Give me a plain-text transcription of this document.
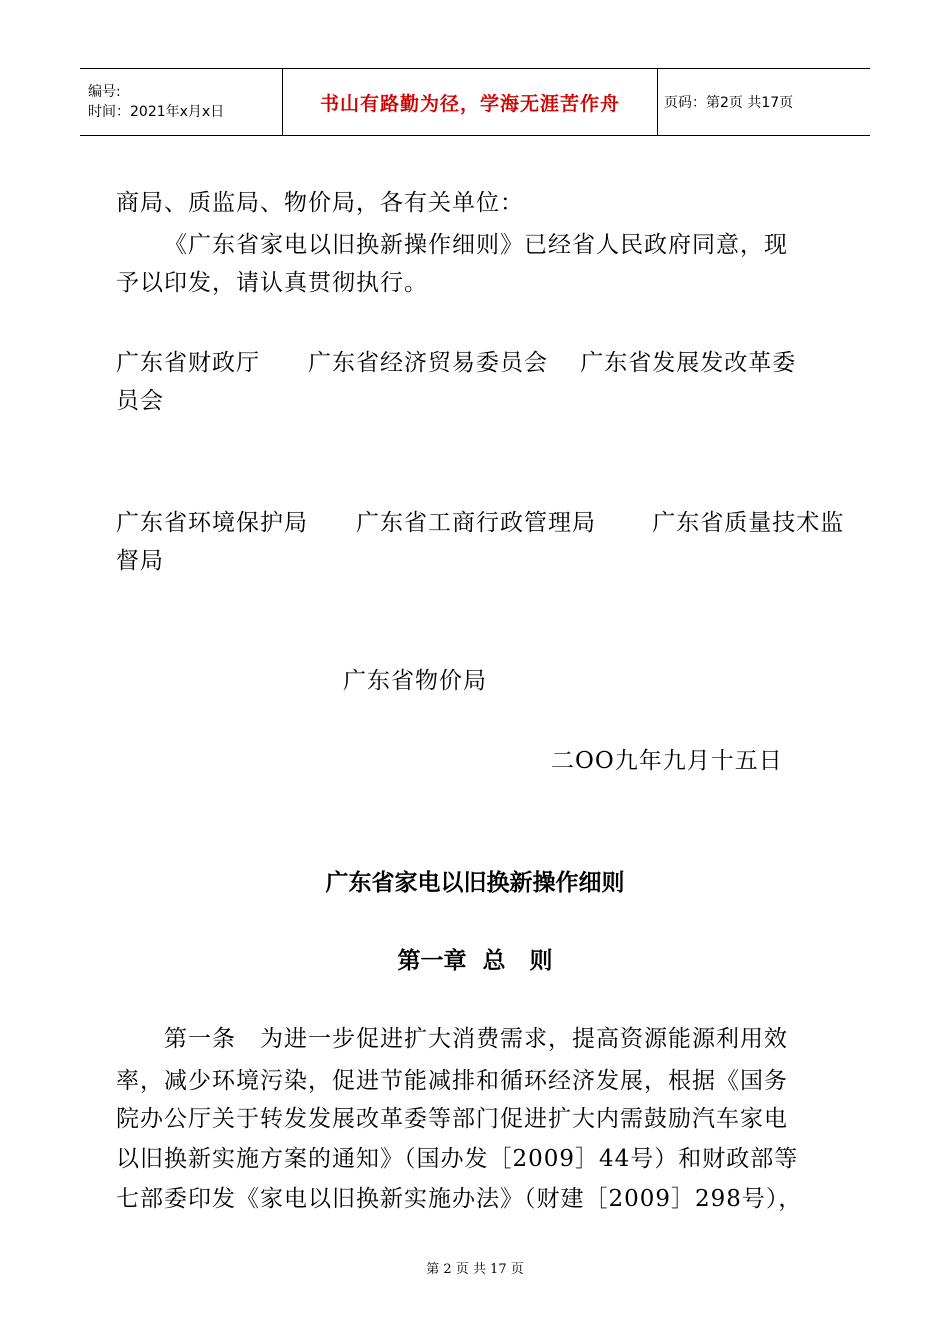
编号:
时间：2021年x月x日	书山有路勤为径，学海无涯苦作舟	页码：第2页 共17页
商局、质监局、物价局，各有关单位：
《广东省家电以旧换新操作细则》已经省人民政府同意，现
予以印发，请认真贯彻执行。
广东省财政厅　　广东省经济贸易委员会　 广东省发展发改革委
员会
广东省环境保护局　　广东省工商行政管理局　　 广东省质量技术监
督局
广东省物价局
二OO九年九月十五日
广东省家电以旧换新操作细则
第一章  总   则
第一条　为进一步促进扩大消费需求，提高资源能源利用效
率，减少环境污染，促进节能减排和循环经济发展，根据《国务
院办公厅关于转发发展改革委等部门促进扩大内需鼓励汽车家电
以旧换新实施方案的通知》（国办发［2009］44号）和财政部等
七部委印发《家电以旧换新实施办法》（财建［2009］298号），
第 2 页 共 17 页
